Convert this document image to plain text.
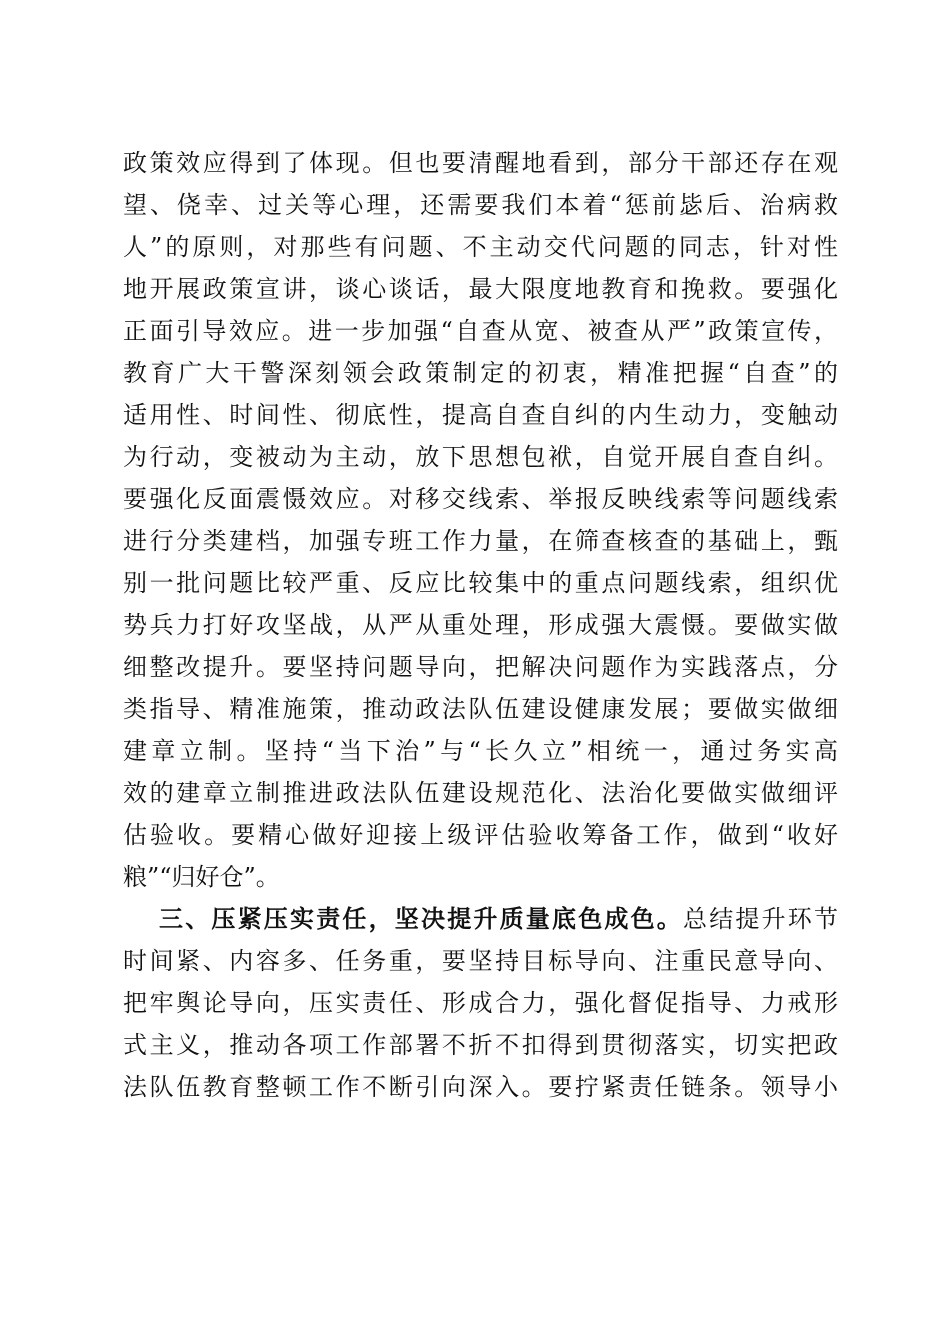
政策效应得到了体现。但也要清醒地看到，部分干部还存在观
望、侥幸、过关等心理，还需要我们本着“惩前毖后、治病救
人”的原则，对那些有问题、不主动交代问题的同志，针对性
地开展政策宣讲，谈心谈话，最大限度地教育和挽救。要强化
正面引导效应。进一步加强“自查从宽、被查从严”政策宣传，
教育广大干警深刻领会政策制定的初衷，精准把握“自查”的
适用性、时间性、彻底性，提高自查自纠的内生动力，变触动
为行动，变被动为主动，放下思想包袱，自觉开展自查自纠。
要强化反面震慑效应。对移交线索、举报反映线索等问题线索
进行分类建档，加强专班工作力量，在筛查核查的基础上，甄
别一批问题比较严重、反应比较集中的重点问题线索，组织优
势兵力打好攻坚战，从严从重处理，形成强大震慑。要做实做
细整改提升。要坚持问题导向，把解决问题作为实践落点，分
类指导、精准施策，推动政法队伍建设健康发展；要做实做细
建章立制。坚持“当下治”与“长久立”相统一，通过务实高
效的建章立制推进政法队伍建设规范化、法治化要做实做细评
估验收。要精心做好迎接上级评估验收筹备工作，做到“收好
粮”“归好仓”。
三、压紧压实责任，坚决提升质量底色成色。总结提升环节
时间紧、内容多、任务重，要坚持目标导向、注重民意导向、
把牢舆论导向，压实责任、形成合力，强化督促指导、力戒形
式主义，推动各项工作部署不折不扣得到贯彻落实，切实把政
法队伍教育整顿工作不断引向深入。要拧紧责任链条。领导小
